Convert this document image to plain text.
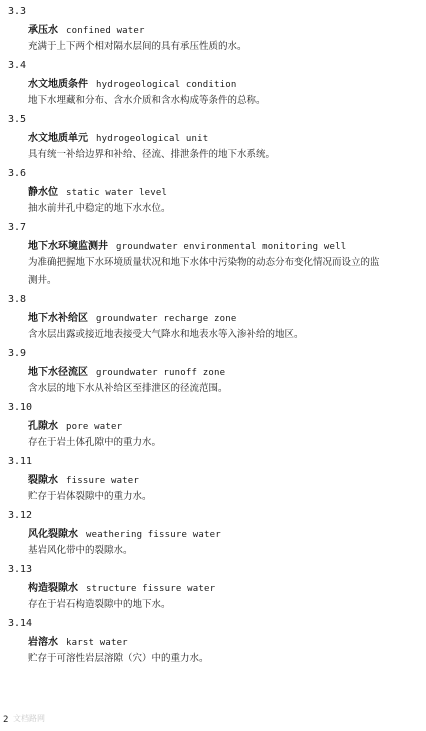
3.3
承压水 confined water
充满于上下两个相对隔水层间的具有承压性质的水。
3.4
水文地质条件 hydrogeological condition
地下水埋藏和分布、含水介质和含水构成等条件的总称。
3.5
水文地质单元 hydrogeological unit
具有统一补给边界和补给、径流、排泄条件的地下水系统。
3.6
静水位 static water level
抽水前井孔中稳定的地下水水位。
3.7
地下水环境监测井 groundwater environmental monitoring well
为准确把握地下水环境质量状况和地下水体中污染物的动态分布变化情况而设立的监
测井。
3.8
地下水补给区 groundwater recharge zone
含水层出露或接近地表接受大气降水和地表水等入渗补给的地区。
3.9
地下水径流区 groundwater runoff zone
含水层的地下水从补给区至排泄区的径流范围。
3.10
孔隙水 pore water
存在于岩土体孔隙中的重力水。
3.11
裂隙水 fissure water
贮存于岩体裂隙中的重力水。
3.12
风化裂隙水 weathering fissure water
基岩风化带中的裂隙水。
3.13
构造裂隙水 structure fissure water
存在于岩石构造裂隙中的地下水。
3.14
岩溶水 karst water
贮存于可溶性岩层溶隙（穴）中的重力水。
2 文档路网
